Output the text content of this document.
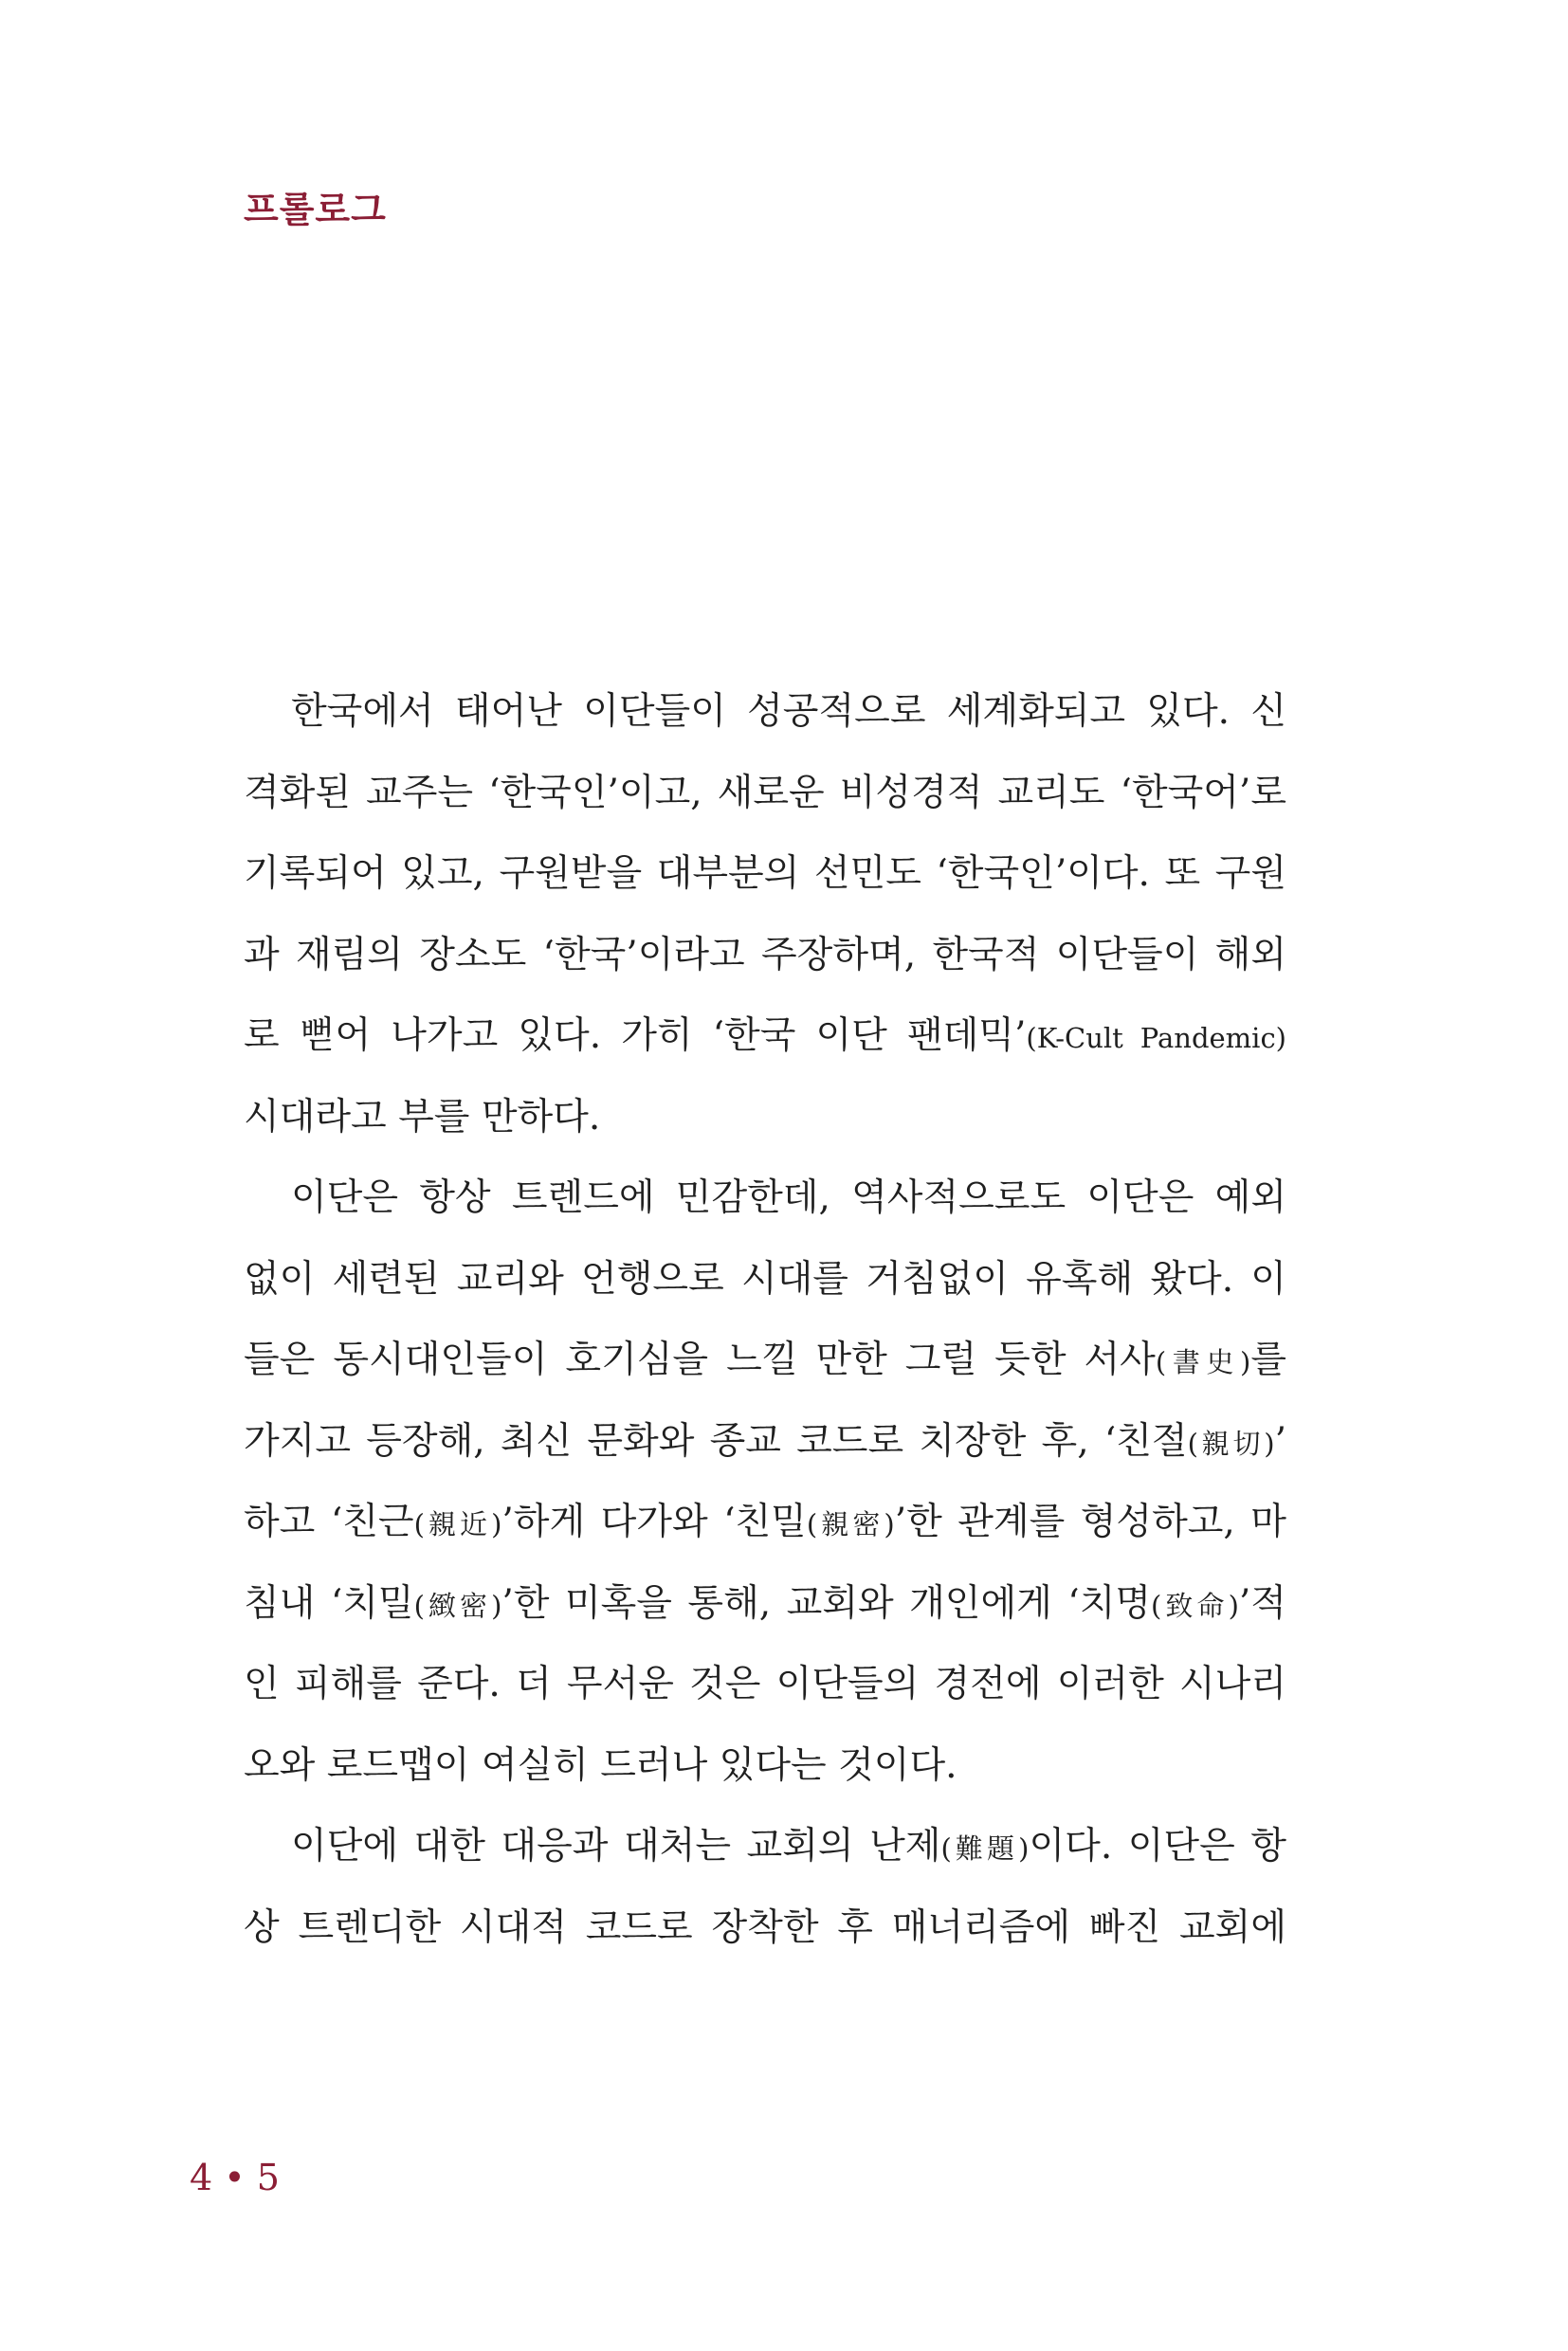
프롤로그
한국에서 태어난 이단들이 성공적으로 세계화되고 있다. 신
격화된 교주는 ‘한국인’이고, 새로운 비성경적 교리도 ‘한국어’로
기록되어 있고, 구원받을 대부분의 선민도 ‘한국인’이다. 또 구원
과 재림의 장소도 ‘한국’이라고 주장하며, 한국적 이단들이 해외
로 뻗어 나가고 있다. 가히 ‘한국 이단 팬데믹’(K-Cult Pandemic)
시대라고 부를 만하다.
이단은 항상 트렌드에 민감한데, 역사적으로도 이단은 예외
없이 세련된 교리와 언행으로 시대를 거침없이 유혹해 왔다. 이
들은 동시대인들이 호기심을 느낄 만한 그럴 듯한 서사(書史)를
가지고 등장해, 최신 문화와 종교 코드로 치장한 후, ‘친절(親切)’
하고 ‘친근(親近)’하게 다가와 ‘친밀(親密)’한 관계를 형성하고, 마
침내 ‘치밀(緻密)’한 미혹을 통해, 교회와 개인에게 ‘치명(致命)’적
인 피해를 준다. 더 무서운 것은 이단들의 경전에 이러한 시나리
오와 로드맵이 여실히 드러나 있다는 것이다.
이단에 대한 대응과 대처는 교회의 난제(難題)이다. 이단은 항
상 트렌디한 시대적 코드로 장착한 후 매너리즘에 빠진 교회에
4 • 5
